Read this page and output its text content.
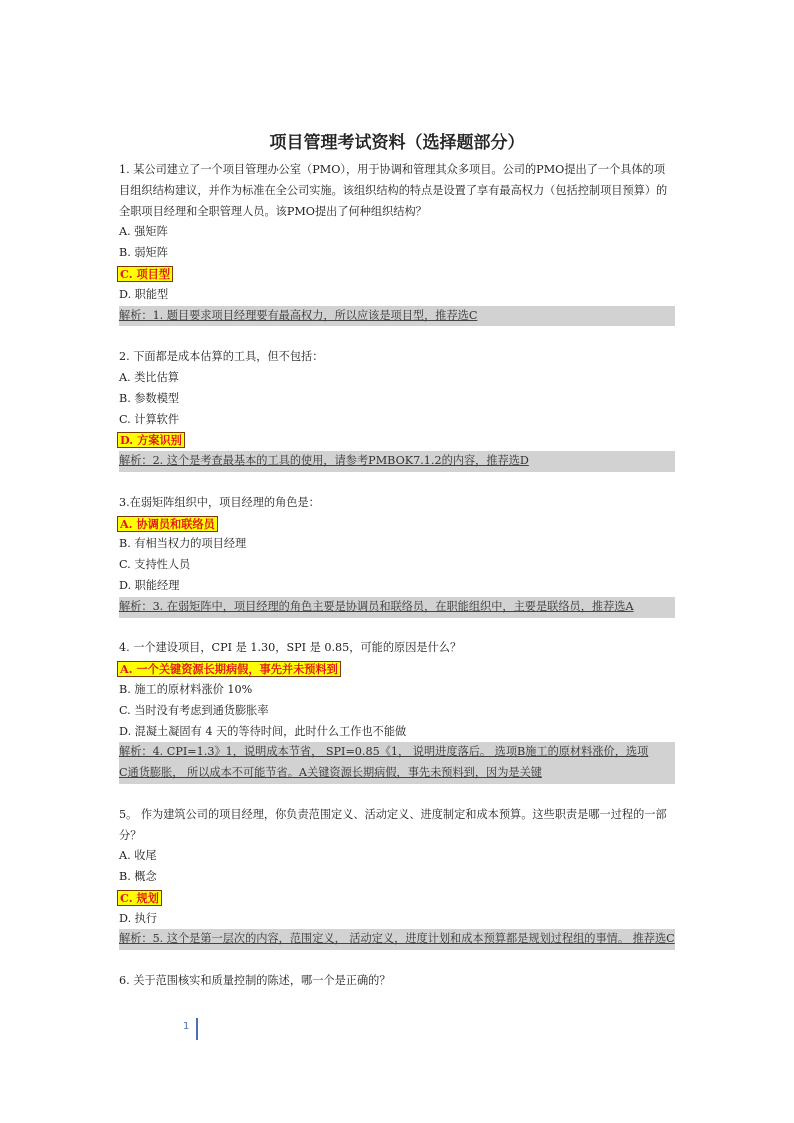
项目管理考试资料（选择题部分）
1. 某公司建立了一个项目管理办公室（PMO），用于协调和管理其众多项目。公司的PMO提出了一个具体的项目组织结构建议，并作为标准在全公司实施。该组织结构的特点是设置了享有最高权力（包括控制项目预算）的全职项目经理和全职管理人员。该PMO提出了何种组织结构？
A. 强矩阵
B. 弱矩阵
C. 项目型
D. 职能型
解析：1. 题目要求项目经理要有最高权力，所以应该是项目型，推荐选C
2. 下面都是成本估算的工具，但不包括：
A. 类比估算
B. 参数模型
C. 计算软件
D. 方案识别
解析：2. 这个是考查最基本的工具的使用，请参考PMBOK7.1.2的内容，推荐选D
3.在弱矩阵组织中，项目经理的角色是：
A. 协调员和联络员
B. 有相当权力的项目经理
C. 支持性人员
D. 职能经理
解析：3. 在弱矩阵中，项目经理的角色主要是协调员和联络员，在职能组织中，主要是联络员，推荐选A
4. 一个建设项目，CPI 是 1.30，SPI 是 0.85，可能的原因是什么？
A. 一个关键资源长期病假，事先并未预料到
B. 施工的原材料涨价 10%
C. 当时没有考虑到通货膨胀率
D. 混凝土凝固有 4 天的等待时间，此时什么工作也不能做
解析：4. CPI=1.3》1，说明成本节省， SPI=0.85《1， 说明进度落后。 选项B施工的原材料涨价，选项
C通货膨胀， 所以成本不可能节省。A关键资源长期病假，事先未预料到，因为是关键
5。 作为建筑公司的项目经理，你负责范围定义、活动定义、进度制定和成本预算。这些职责是哪一过程的一部分？
A. 收尾
B. 概念
C. 规划
D. 执行
解析：5. 这个是第一层次的内容，范围定义， 活动定义，进度计划和成本预算都是规划过程组的事情。 推荐选C
6. 关于范围核实和质量控制的陈述，哪一个是正确的？
1
